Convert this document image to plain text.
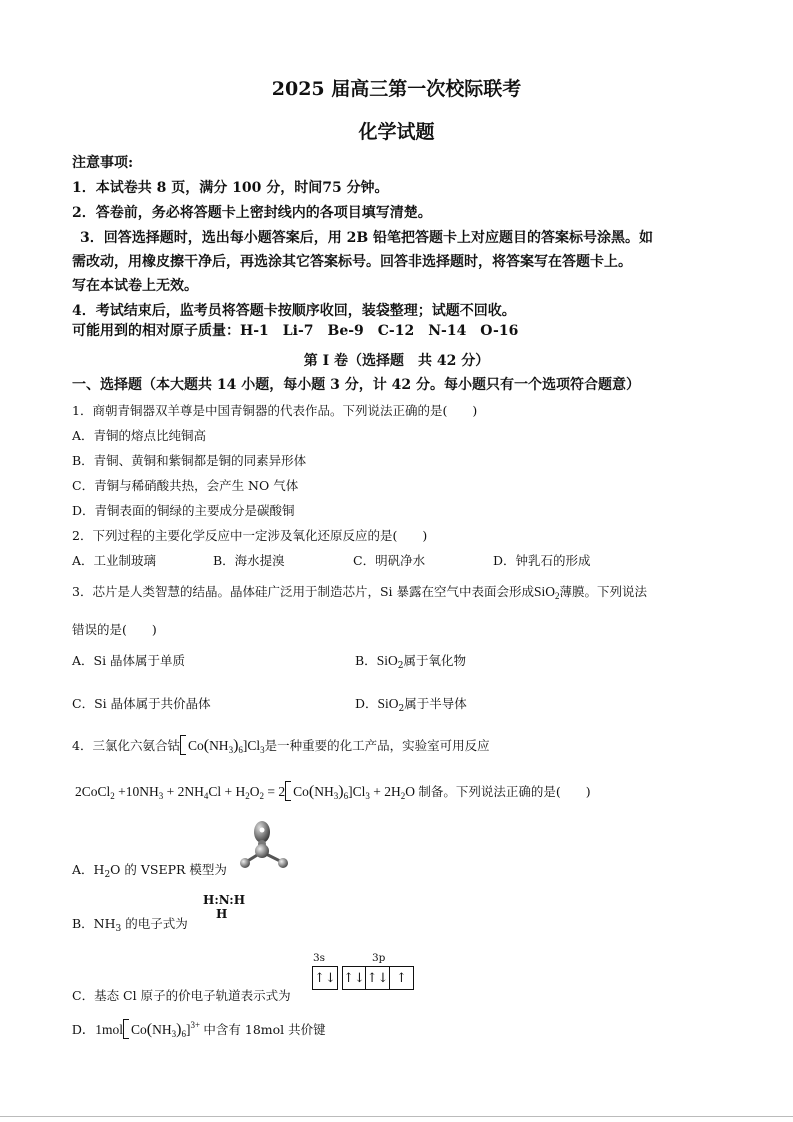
2025 届高三第一次校际联考
化学试题
注意事项:
1．本试卷共 8 页，满分 100 分，时间75 分钟。
2．答卷前，务必将答题卡上密封线内的各项目填写清楚。
3．回答选择题时，选出每小题答案后，用 2B 铅笔把答题卡上对应题目的答案标号涂黑。如
需改动，用橡皮擦干净后，再选涂其它答案标号。回答非选择题时，将答案写在答题卡上。
写在本试卷上无效。
4．考试结束后，监考员将答题卡按顺序收回，装袋整理；试题不回收。
可能用到的相对原子质量：H-1　Li-7　Be-9　C-12　N-14　O-16
第 I 卷（选择题　共 42 分）
一、选择题（本大题共 14 小题，每小题 3 分，计 42 分。每小题只有一个选项符合题意）
1．商朝青铜器双羊尊是中国青铜器的代表作品。下列说法正确的是(　　)
A．青铜的熔点比纯铜高
B．青铜、黄铜和紫铜都是铜的同素异形体
C．青铜与稀硝酸共热，会产生 NO 气体
D．青铜表面的铜绿的主要成分是碳酸铜
2．下列过程的主要化学反应中一定涉及氧化还原反应的是(　　)
A．工业制玻璃	B．海水提溴	C．明矾净水	D．钟乳石的形成
3．芯片是人类智慧的结晶。晶体硅广泛用于制造芯片，Si 暴露在空气中表面会形成SiO$_2$薄膜。下列说法
错误的是(　　)
A．Si 晶体属于单质	B．SiO$_2$属于氧化物
C．Si 晶体属于共价晶体	D．SiO$_2$属于半导体
4．三氯化六氨合钴 $Co(NH_3)_6]Cl_3$是一种重要的化工产品，实验室可用反应
2CoCl$_2$ $+10NH_3 + 2NH_4Cl + H_2O_2 = 2$ $Co(NH_3)_6]Cl_3 + 2H_2O$ 制备。下列说法正确的是(　　)
A．$H_2O$ 的 VSEPR 模型为
B．$NH_3$ 的电子式为
H:N:H
H
C．基态 Cl 原子的价电子轨道表示式为
3s	3p
↑↓ ↑↓ ↑↓ ↑
D．1mol $Co(NH_3)_6]^{3+}$ 中含有 18mol 共价键
